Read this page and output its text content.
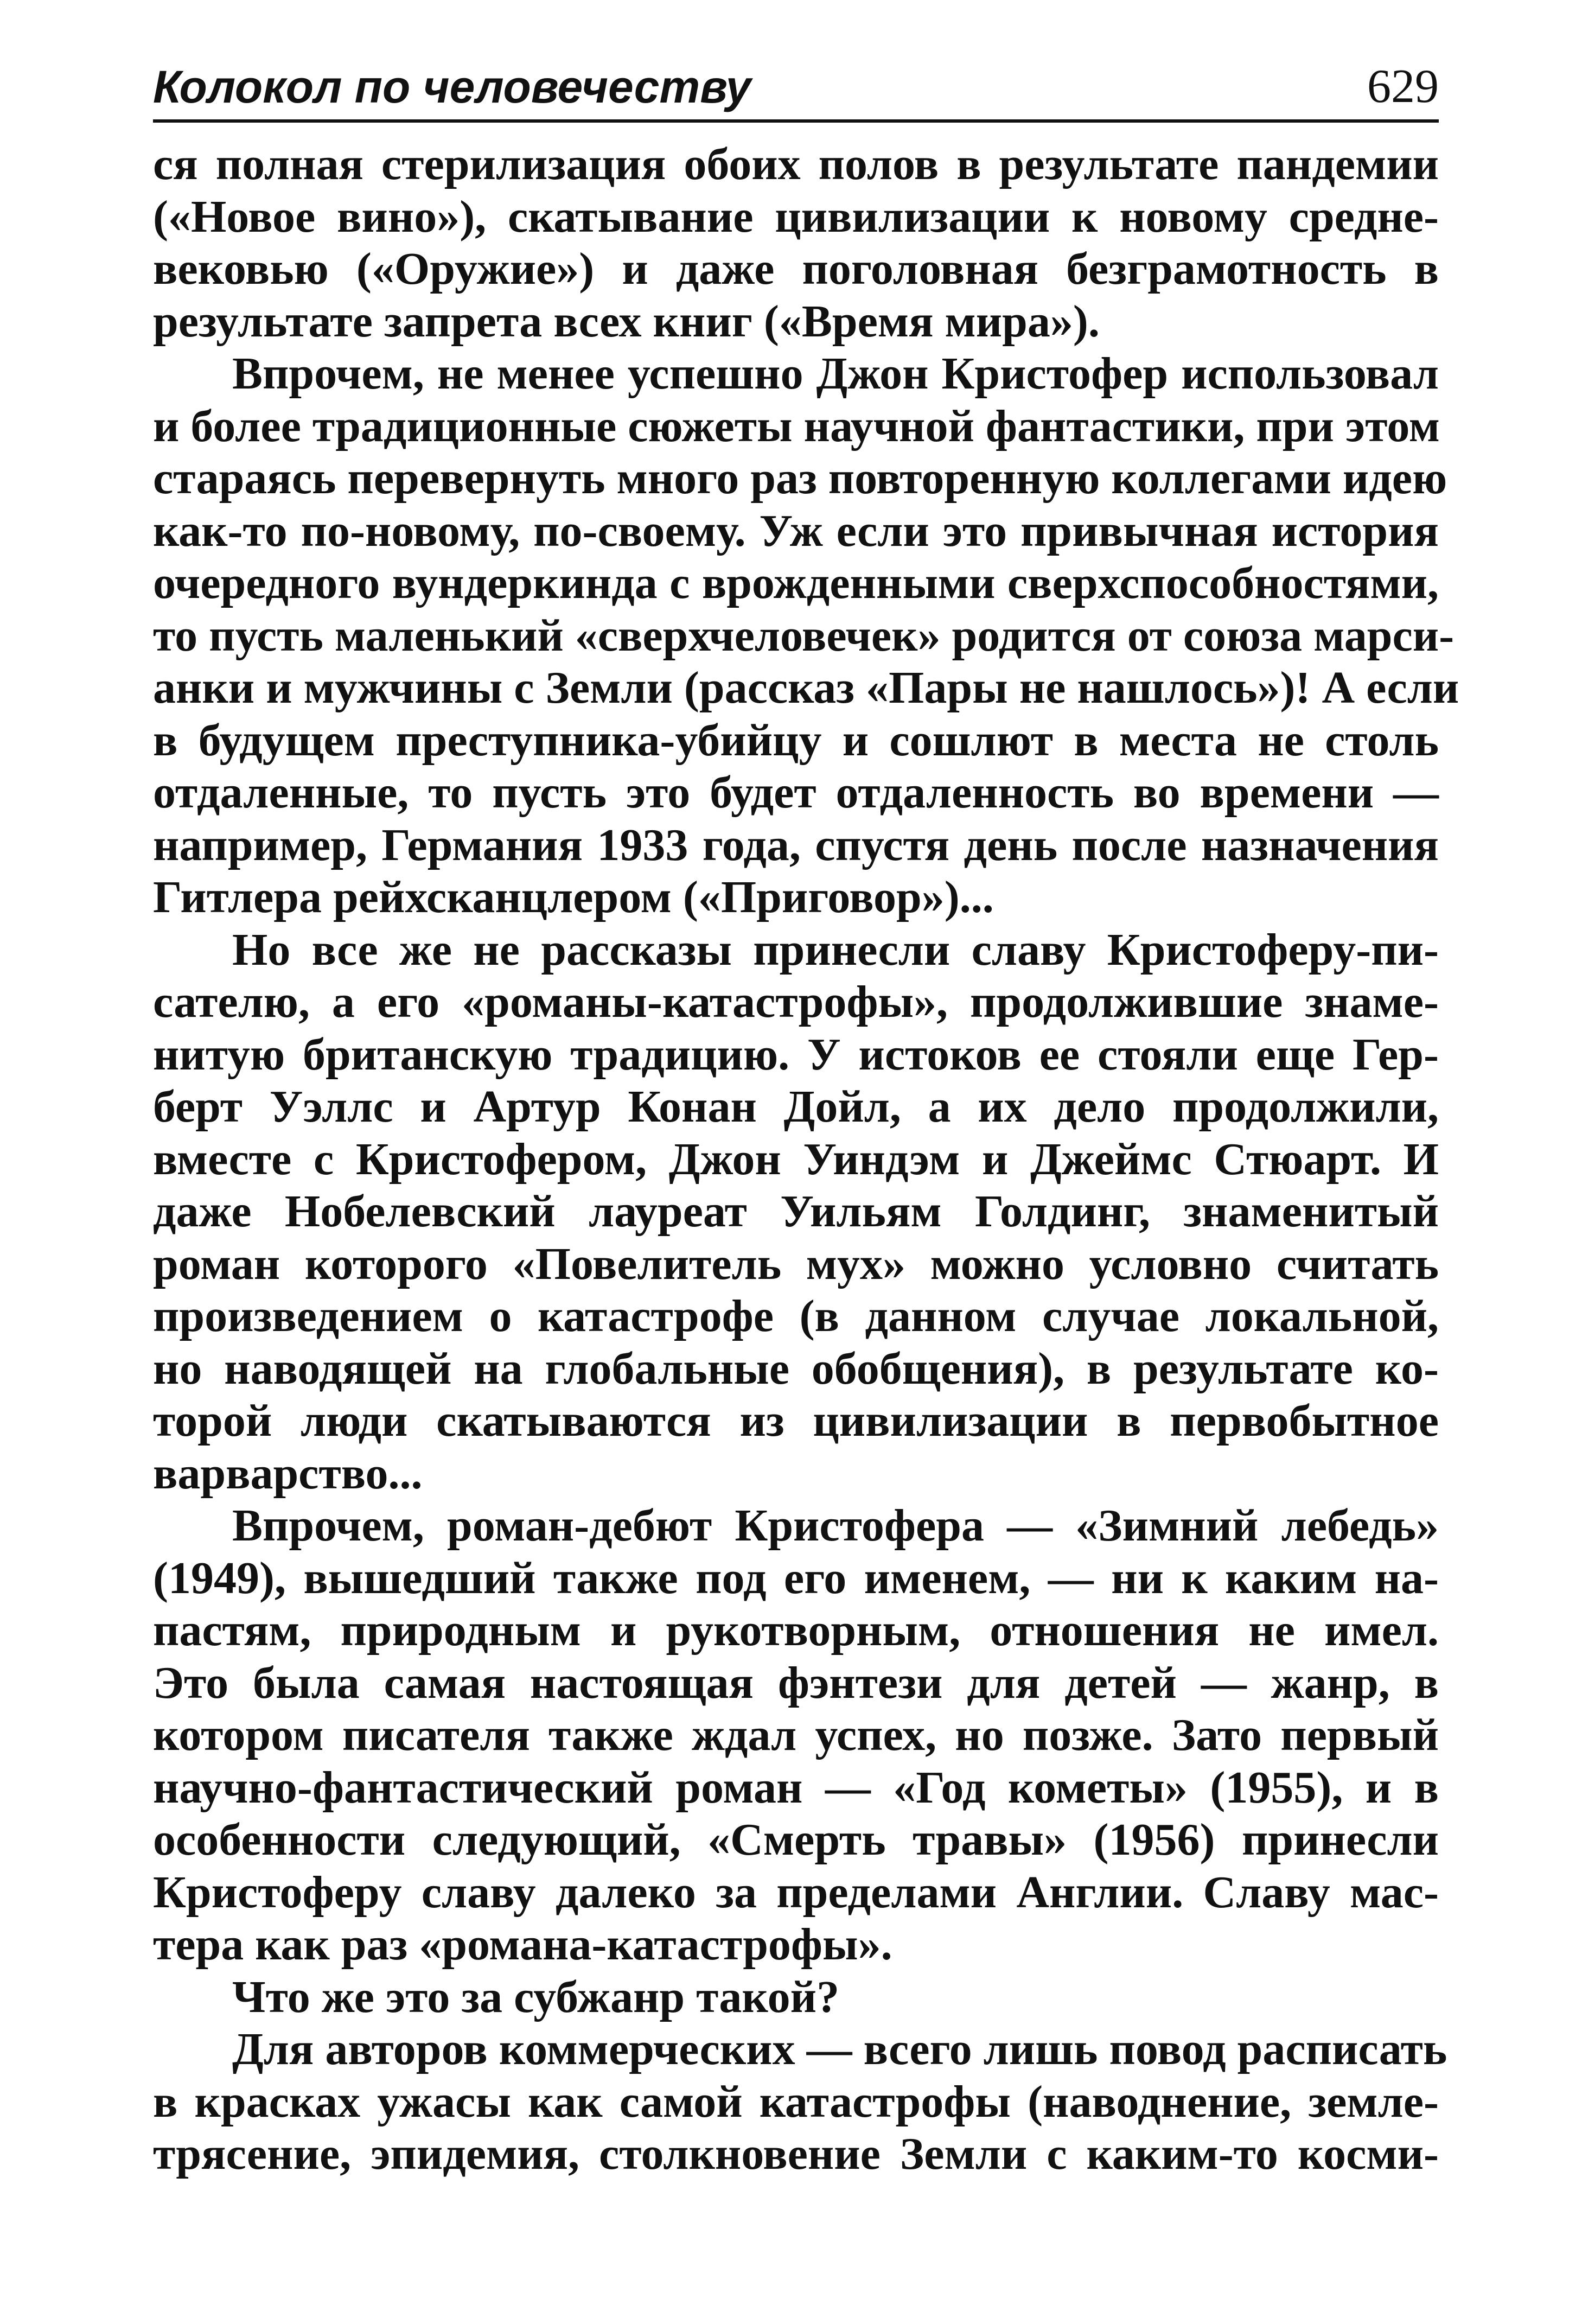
Колокол по человечеству	629
ся полная стерилизация обоих полов в результате пандемии
(«Новое вино»), скатывание цивилизации к новому средне-
вековью («Оружие») и даже поголовная безграмотность в
результате запрета всех книг («Время мира»).
Впрочем, не менее успешно Джон Кристофер использовал
и более традиционные сюжеты научной фантастики, при этом
стараясь перевернуть много раз повторенную коллегами идею
как-то по-новому, по-своему. Уж если это привычная история
очередного вундеркинда с врожденными сверхспособностями,
то пусть маленький «сверхчеловечек» родится от союза марси-
анки и мужчины с Земли (рассказ «Пары не нашлось»)! А если
в будущем преступника-убийцу и сошлют в места не столь
отдаленные, то пусть это будет отдаленность во времени —
например, Германия 1933 года, спустя день после назначения
Гитлера рейхсканцлером («Приговор»)...
Но все же не рассказы принесли славу Кристоферу-пи-
сателю, а его «романы-катастрофы», продолжившие знаме-
нитую британскую традицию. У истоков ее стояли еще Гер-
берт Уэллс и Артур Конан Дойл, а их дело продолжили,
вместе с Кристофером, Джон Уиндэм и Джеймс Стюарт. И
даже Нобелевский лауреат Уильям Голдинг, знаменитый
роман которого «Повелитель мух» можно условно считать
произведением о катастрофе (в данном случае локальной,
но наводящей на глобальные обобщения), в результате ко-
торой люди скатываются из цивилизации в первобытное
варварство...
Впрочем, роман-дебют Кристофера — «Зимний лебедь»
(1949), вышедший также под его именем, — ни к каким на-
пастям, природным и рукотворным, отношения не имел.
Это была самая настоящая фэнтези для детей — жанр, в
котором писателя также ждал успех, но позже. Зато первый
научно-фантастический роман — «Год кометы» (1955), и в
особенности следующий, «Смерть травы» (1956) принесли
Кристоферу славу далеко за пределами Англии. Славу мас-
тера как раз «романа-катастрофы».
Что же это за субжанр такой?
Для авторов коммерческих — всего лишь повод расписать
в красках ужасы как самой катастрофы (наводнение, земле-
трясение, эпидемия, столкновение Земли с каким-то косми-
